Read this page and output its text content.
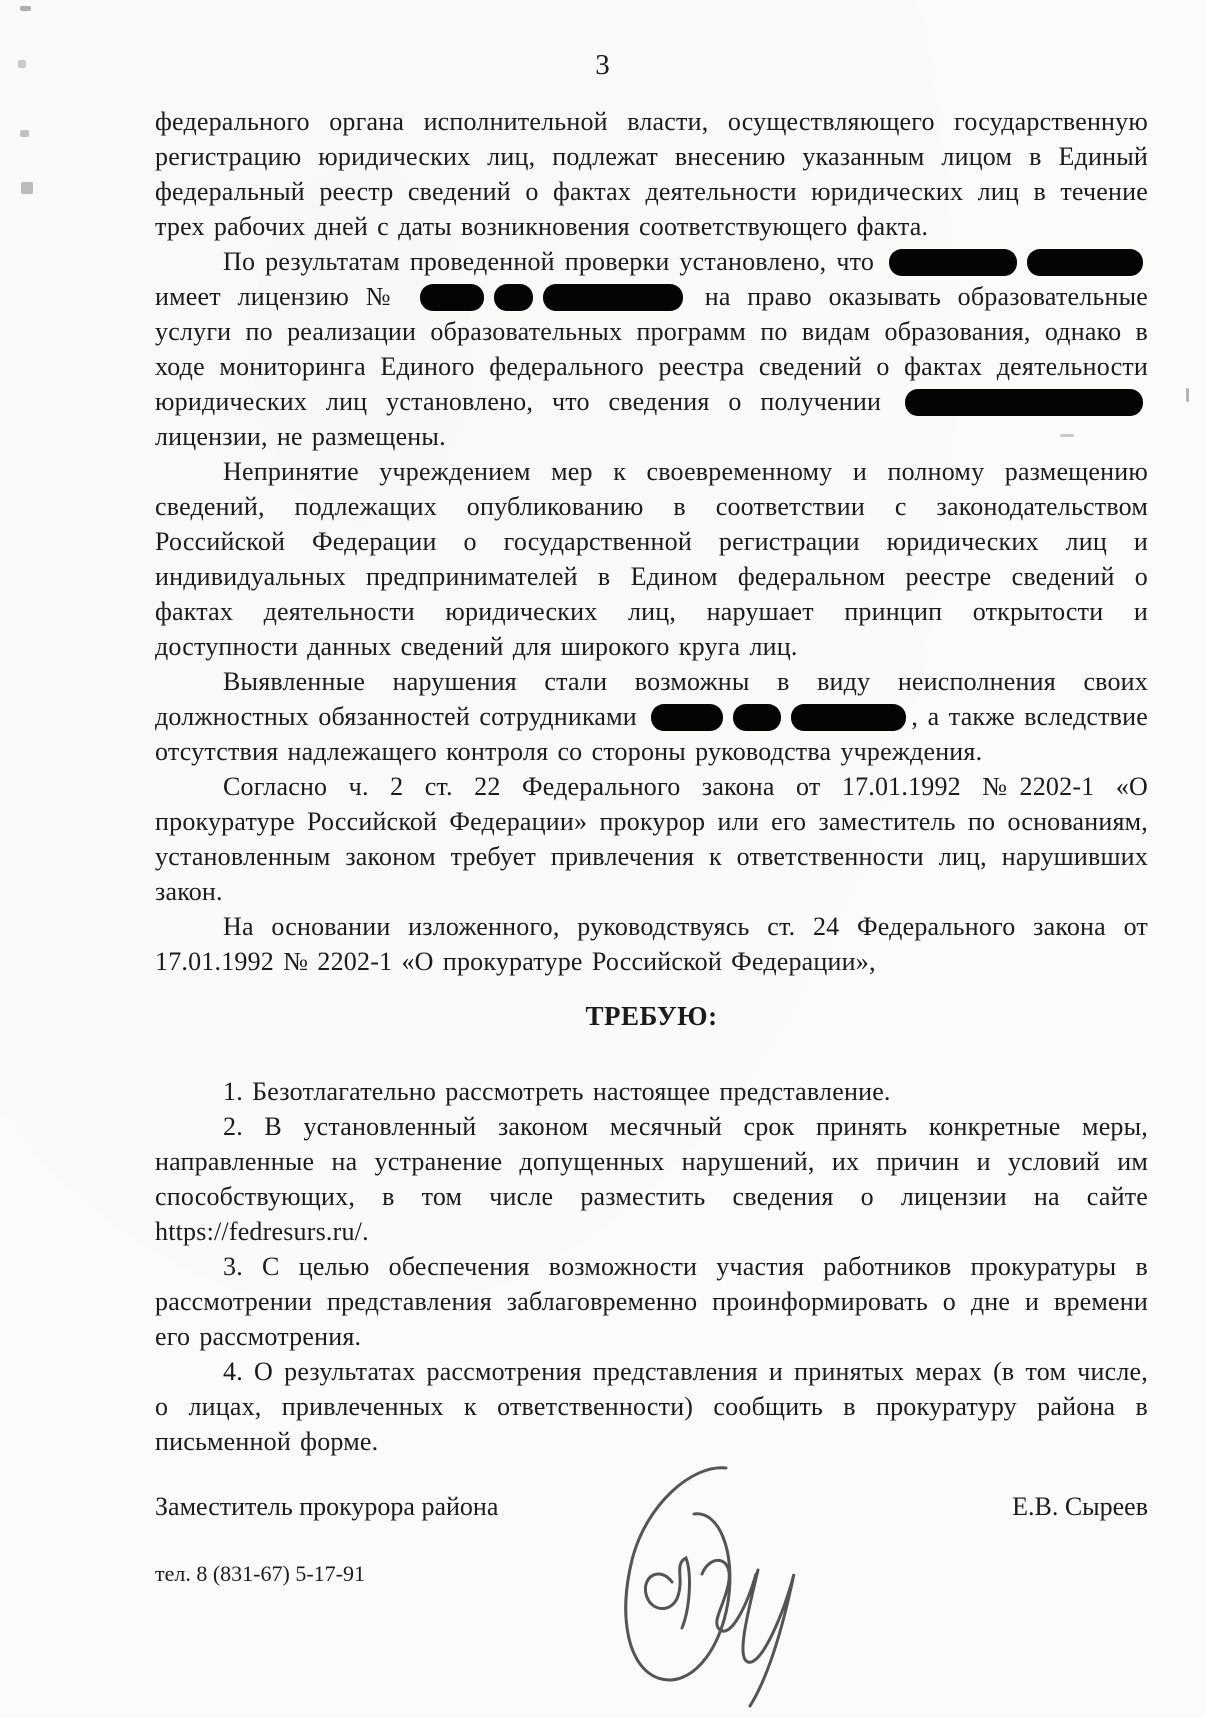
3

федерального органа исполнительной власти, осуществляющего государственную регистрацию юридических лиц, подлежат внесению указанным лицом в Единый федеральный реестр сведений о фактах деятельности юридических лиц в течение трех рабочих дней с даты возникновения соответствующего факта.

По результатам проведенной проверки установлено, что  имеет лицензию №	на право оказывать образовательные услуги по реализации образовательных программ по видам образования, однако в ходе мониторинга Единого федерального реестра сведений о фактах деятельности юридических лиц установлено, что сведения о получении  лицензии, не размещены.

Непринятие учреждением мер к своевременному и полному размещению сведений, подлежащих опубликованию в соответствии с законодательством Российской Федерации о государственной регистрации юридических лиц и индивидуальных предпринимателей в Едином федеральном реестре сведений о фактах деятельности юридических лиц, нарушает принцип открытости и доступности данных сведений для широкого круга лиц.

Выявленные нарушения стали возможны в виду неисполнения своих должностных обязанностей сотрудниками	, а также вследствие отсутствия надлежащего контроля со стороны руководства учреждения.

Согласно ч. 2 ст. 22 Федерального закона от 17.01.1992 №2202-1 «О прокуратуре Российской Федерации» прокурор или его заместитель по основаниям, установленным законом требует привлечения к ответственности лиц, нарушивших закон.

На основании изложенного, руководствуясь ст. 24 Федерального закона от 17.01.1992 № 2202-1 «О прокуратуре Российской Федерации»,

ТРЕБУЮ:

1. Безотлагательно рассмотреть настоящее представление.

2. В установленный законом месячный срок принять конкретные меры, направленные на устранение допущенных нарушений, их причин и условий им способствующих, в том числе разместить сведения о лицензии на сайте https://fedresurs.ru/.

3. С целью обеспечения возможности участия работников прокуратуры в рассмотрении представления заблаговременно проинформировать о дне и времени его рассмотрения.

4. О результатах рассмотрения представления и принятых мерах (в том числе, о лицах, привлеченных к ответственности) сообщить в прокуратуру района в письменной форме.

Заместитель прокурора района	Е.В. Сыреев
тел. 8 (831-67) 5-17-91
